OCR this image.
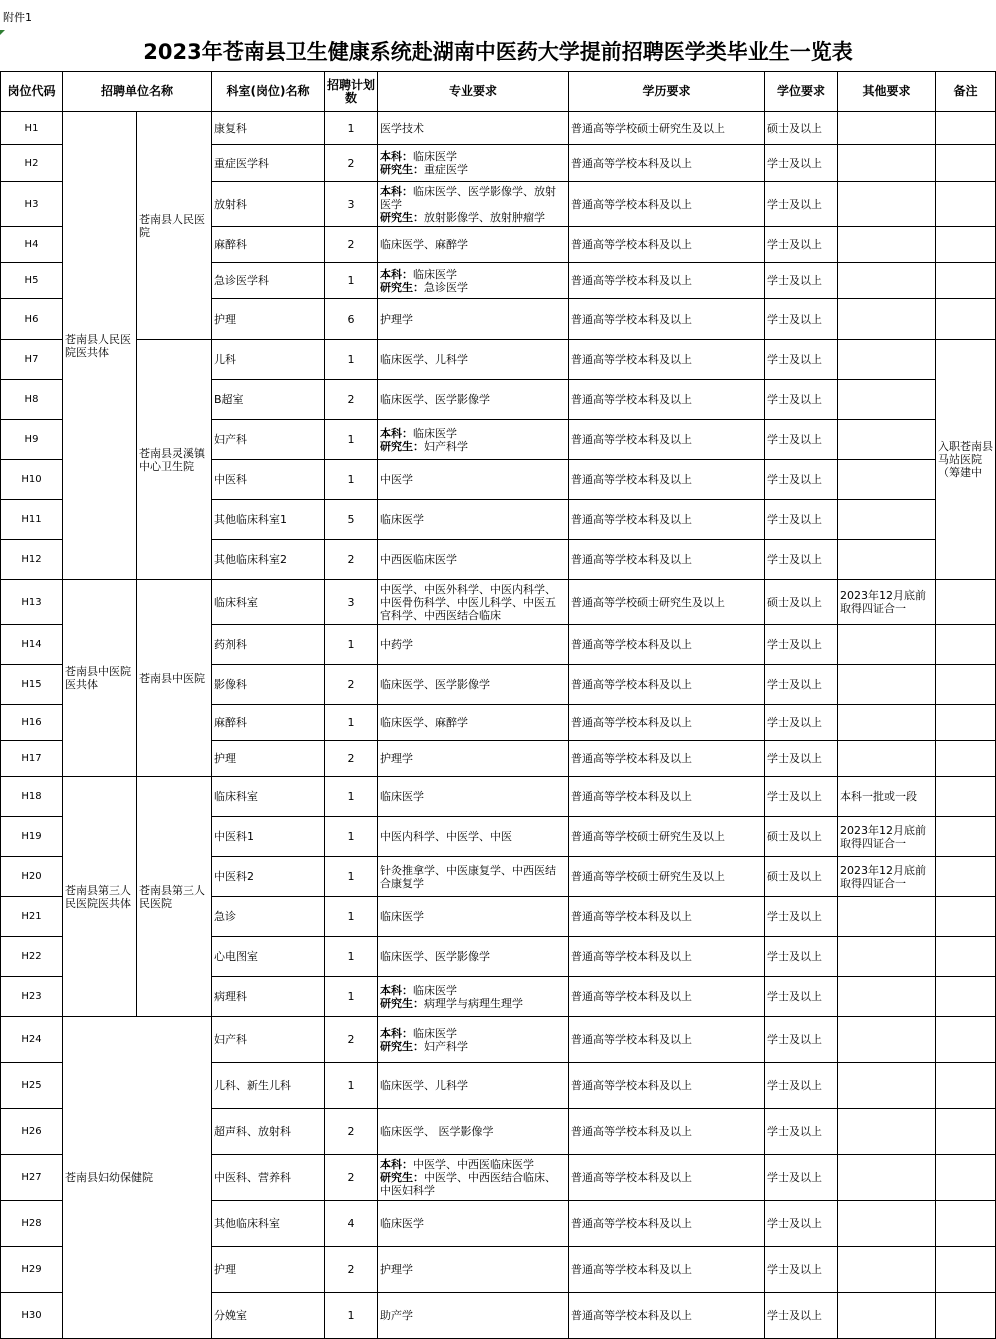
附件1
2023年苍南县卫生健康系统赴湖南中医药大学提前招聘医学类毕业生一览表
岗位代码	招聘单位名称		科室(岗位)名称	招聘计划数	专业要求	学历要求	学位要求	其他要求	备注
H1	苍南县人民医院医共体	苍南县人民医院	康复科	1	医学技术	普通高等学校硕士研究生及以上	硕士及以上		
H2			重症医学科	2	本科：临床医学
研究生：重症医学	普通高等学校本科及以上	学士及以上		
H3			放射科	3	本科：临床医学、医学影像学、放射医学
研究生：放射影像学、放射肿瘤学	普通高等学校本科及以上	学士及以上		
H4			麻醉科	2	临床医学、麻醉学	普通高等学校本科及以上	学士及以上		
H5			急诊医学科	1	本科：临床医学
研究生：急诊医学	普通高等学校本科及以上	学士及以上		
H6			护理	6	护理学	普通高等学校本科及以上	学士及以上		
H7		苍南县灵溪镇中心卫生院	儿科	1	临床医学、儿科学	普通高等学校本科及以上	学士及以上		入职苍南县马站医院（筹建中
H8			B超室	2	临床医学、医学影像学	普通高等学校本科及以上	学士及以上		
H9			妇产科	1	本科：临床医学
研究生：妇产科学	普通高等学校本科及以上	学士及以上		
H10			中医科	1	中医学	普通高等学校本科及以上	学士及以上		
H11			其他临床科室1	5	临床医学	普通高等学校本科及以上	学士及以上		
H12			其他临床科室2	2	中西医临床医学	普通高等学校本科及以上	学士及以上		
H13	苍南县中医院医共体	苍南县中医院	临床科室	3	中医学、中医外科学、中医内科学、中医骨伤科学、中医儿科学、中医五官科学、中西医结合临床	普通高等学校硕士研究生及以上	硕士及以上	2023年12月底前取得四证合一	
H14			药剂科	1	中药学	普通高等学校本科及以上	学士及以上		
H15			影像科	2	临床医学、医学影像学	普通高等学校本科及以上	学士及以上		
H16			麻醉科	1	临床医学、麻醉学	普通高等学校本科及以上	学士及以上		
H17			护理	2	护理学	普通高等学校本科及以上	学士及以上		
H18	苍南县第三人民医院医共体	苍南县第三人民医院	临床科室	1	临床医学	普通高等学校本科及以上	学士及以上	本科一批或一段	
H19			中医科1	1	中医内科学、中医学、中医	普通高等学校硕士研究生及以上	硕士及以上	2023年12月底前取得四证合一	
H20			中医科2	1	针灸推拿学、中医康复学、中西医结合康复学	普通高等学校硕士研究生及以上	硕士及以上	2023年12月底前取得四证合一	
H21			急诊	1	临床医学	普通高等学校本科及以上	学士及以上		
H22			心电图室	1	临床医学、医学影像学	普通高等学校本科及以上	学士及以上		
H23			病理科	1	本科：临床医学
研究生：病理学与病理生理学	普通高等学校本科及以上	学士及以上		
H24	苍南县妇幼保健院		妇产科	2	本科：临床医学
研究生：妇产科学	普通高等学校本科及以上	学士及以上		
H25			儿科、新生儿科	1	临床医学、儿科学	普通高等学校本科及以上	学士及以上		
H26			超声科、放射科	2	临床医学、 医学影像学	普通高等学校本科及以上	学士及以上		
H27			中医科、营养科	2	本科：中医学、中西医临床医学
研究生：中医学、中西医结合临床、中医妇科学	普通高等学校本科及以上	学士及以上		
H28			其他临床科室	4	临床医学	普通高等学校本科及以上	学士及以上		
H29			护理	2	护理学	普通高等学校本科及以上	学士及以上		
H30			分娩室	1	助产学	普通高等学校本科及以上	学士及以上		
